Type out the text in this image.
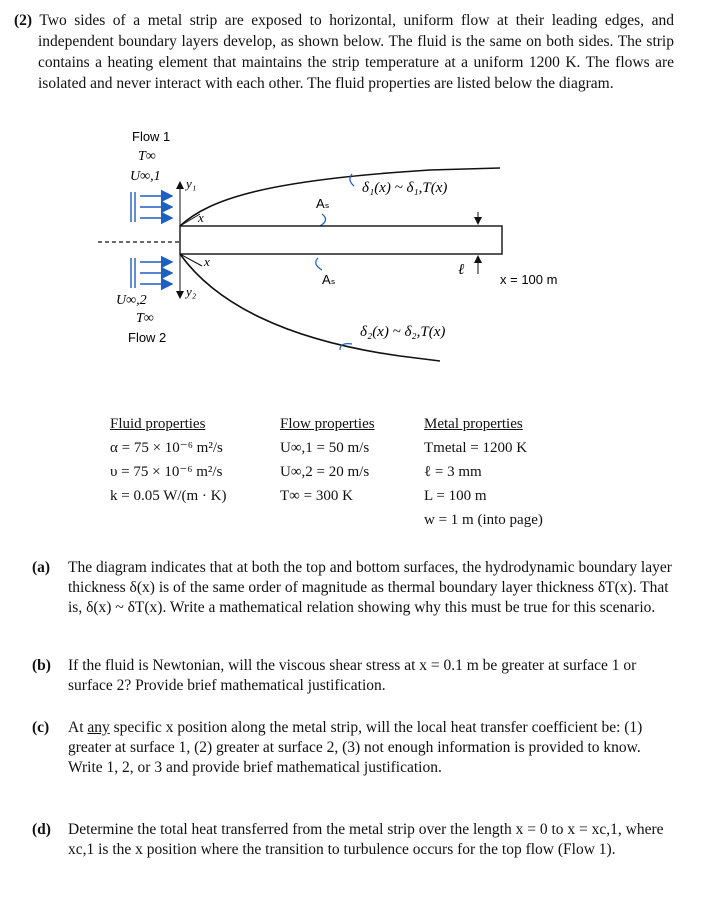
(2) Two sides of a metal strip are exposed to horizontal, uniform flow at their leading edges, and independent boundary layers develop, as shown below. The fluid is the same on both sides. The strip contains a heating element that maintains the strip temperature at a uniform 1200 K. The flows are isolated and never interact with each other. The fluid properties are listed below the diagram.
Flow 1
T∞
U∞,1 y₁
x
δ₁(x) ~ δ₁,T(x)
Aₛ
y₂
x
U∞,2
T∞
Flow 2	δ₂(x) ~ δ₂,T(x)
Aₛ
ℓ
x = 100 m
Fluid properties
α = 75 × 10⁻⁶ m²/s
υ = 75 × 10⁻⁶ m²/s
k = 0.05 W/(m · K)
Flow properties
U∞,1 = 50 m/s
U∞,2 = 20 m/s
T∞ = 300 K
Metal properties
Tmetal = 1200 K
ℓ = 3 mm
L = 100 m
w = 1 m (into page)
(a) The diagram indicates that at both the top and bottom surfaces, the hydrodynamic boundary layer thickness δ(x) is of the same order of magnitude as thermal boundary layer thickness δT(x). That is, δ(x) ~ δT(x). Write a mathematical relation showing why this must be true for this scenario.
(b) If the fluid is Newtonian, will the viscous shear stress at x = 0.1 m be greater at surface 1 or surface 2? Provide brief mathematical justification.
(c) At any specific x position along the metal strip, will the local heat transfer coefficient be: (1) greater at surface 1, (2) greater at surface 2, (3) not enough information is provided to know. Write 1, 2, or 3 and provide brief mathematical justification.
(d) Determine the total heat transferred from the metal strip over the length x = 0 to x = xc,1, where xc,1 is the x position where the transition to turbulence occurs for the top flow (Flow 1).
